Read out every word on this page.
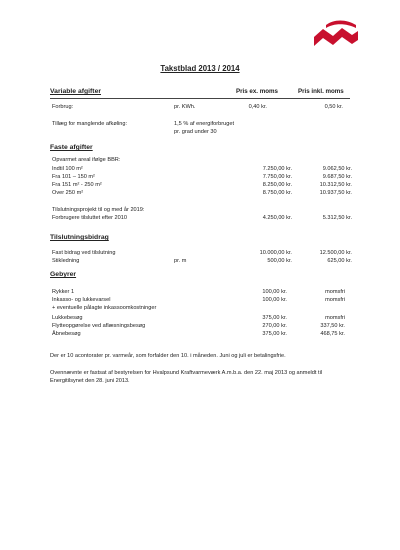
Takstblad 2013 / 2014
Variable afgifter	Pris ex. moms	Pris inkl. moms
Forbrug:	pr. KWh.	0,40 kr.	0,50 kr.
Tillæg for manglende afkøling:	1,5 % af energiforbruget
pr. grad under 30
Faste afgifter
Opvarmet areal ifølge BBR:
Indtil 100 m²	7.250,00 kr.	9.062,50 kr.
Fra 101 – 150 m²	7.750,00 kr.	9.687,50 kr.
Fra 151 m² - 250 m²	8.250,00 kr.	10.312,50 kr.
Over 250 m²	8.750,00 kr.	10.937,50 kr.
Tilslutningsprojekt til og med år 2019:
Forbrugere tilsluttet efter 2010	4.250,00 kr.	5.312,50 kr.
Tilslutningsbidrag
Fast bidrag ved tilslutning	10.000,00 kr.	12.500,00 kr.
Stikledning	pr. m	500,00 kr.	625,00 kr.
Gebyrer
Rykker 1	100,00 kr.	momsfri
Inkasso- og lukkevarsel	100,00 kr.	momsfri
+ eventuelle pålagte inkassoomkostninger
Lukkebesøg	375,00 kr.	momsfri
Flytteopgørelse ved aflæsningsbesøg	270,00 kr.	337,50 kr.
Åbnebesøg	375,00 kr.	468,75 kr.
Der er 10 acontorater pr. varmeår, som forfalder den 10. i måneden. Juni og juli er betalingsfrie.
Ovennævnte er fastsat af bestyrelsen for Hvalpsund Kraftvarmeværk A.m.b.a. den 22. maj 2013 og anmeldt til
Energitilsynet den 28. juni 2013.
